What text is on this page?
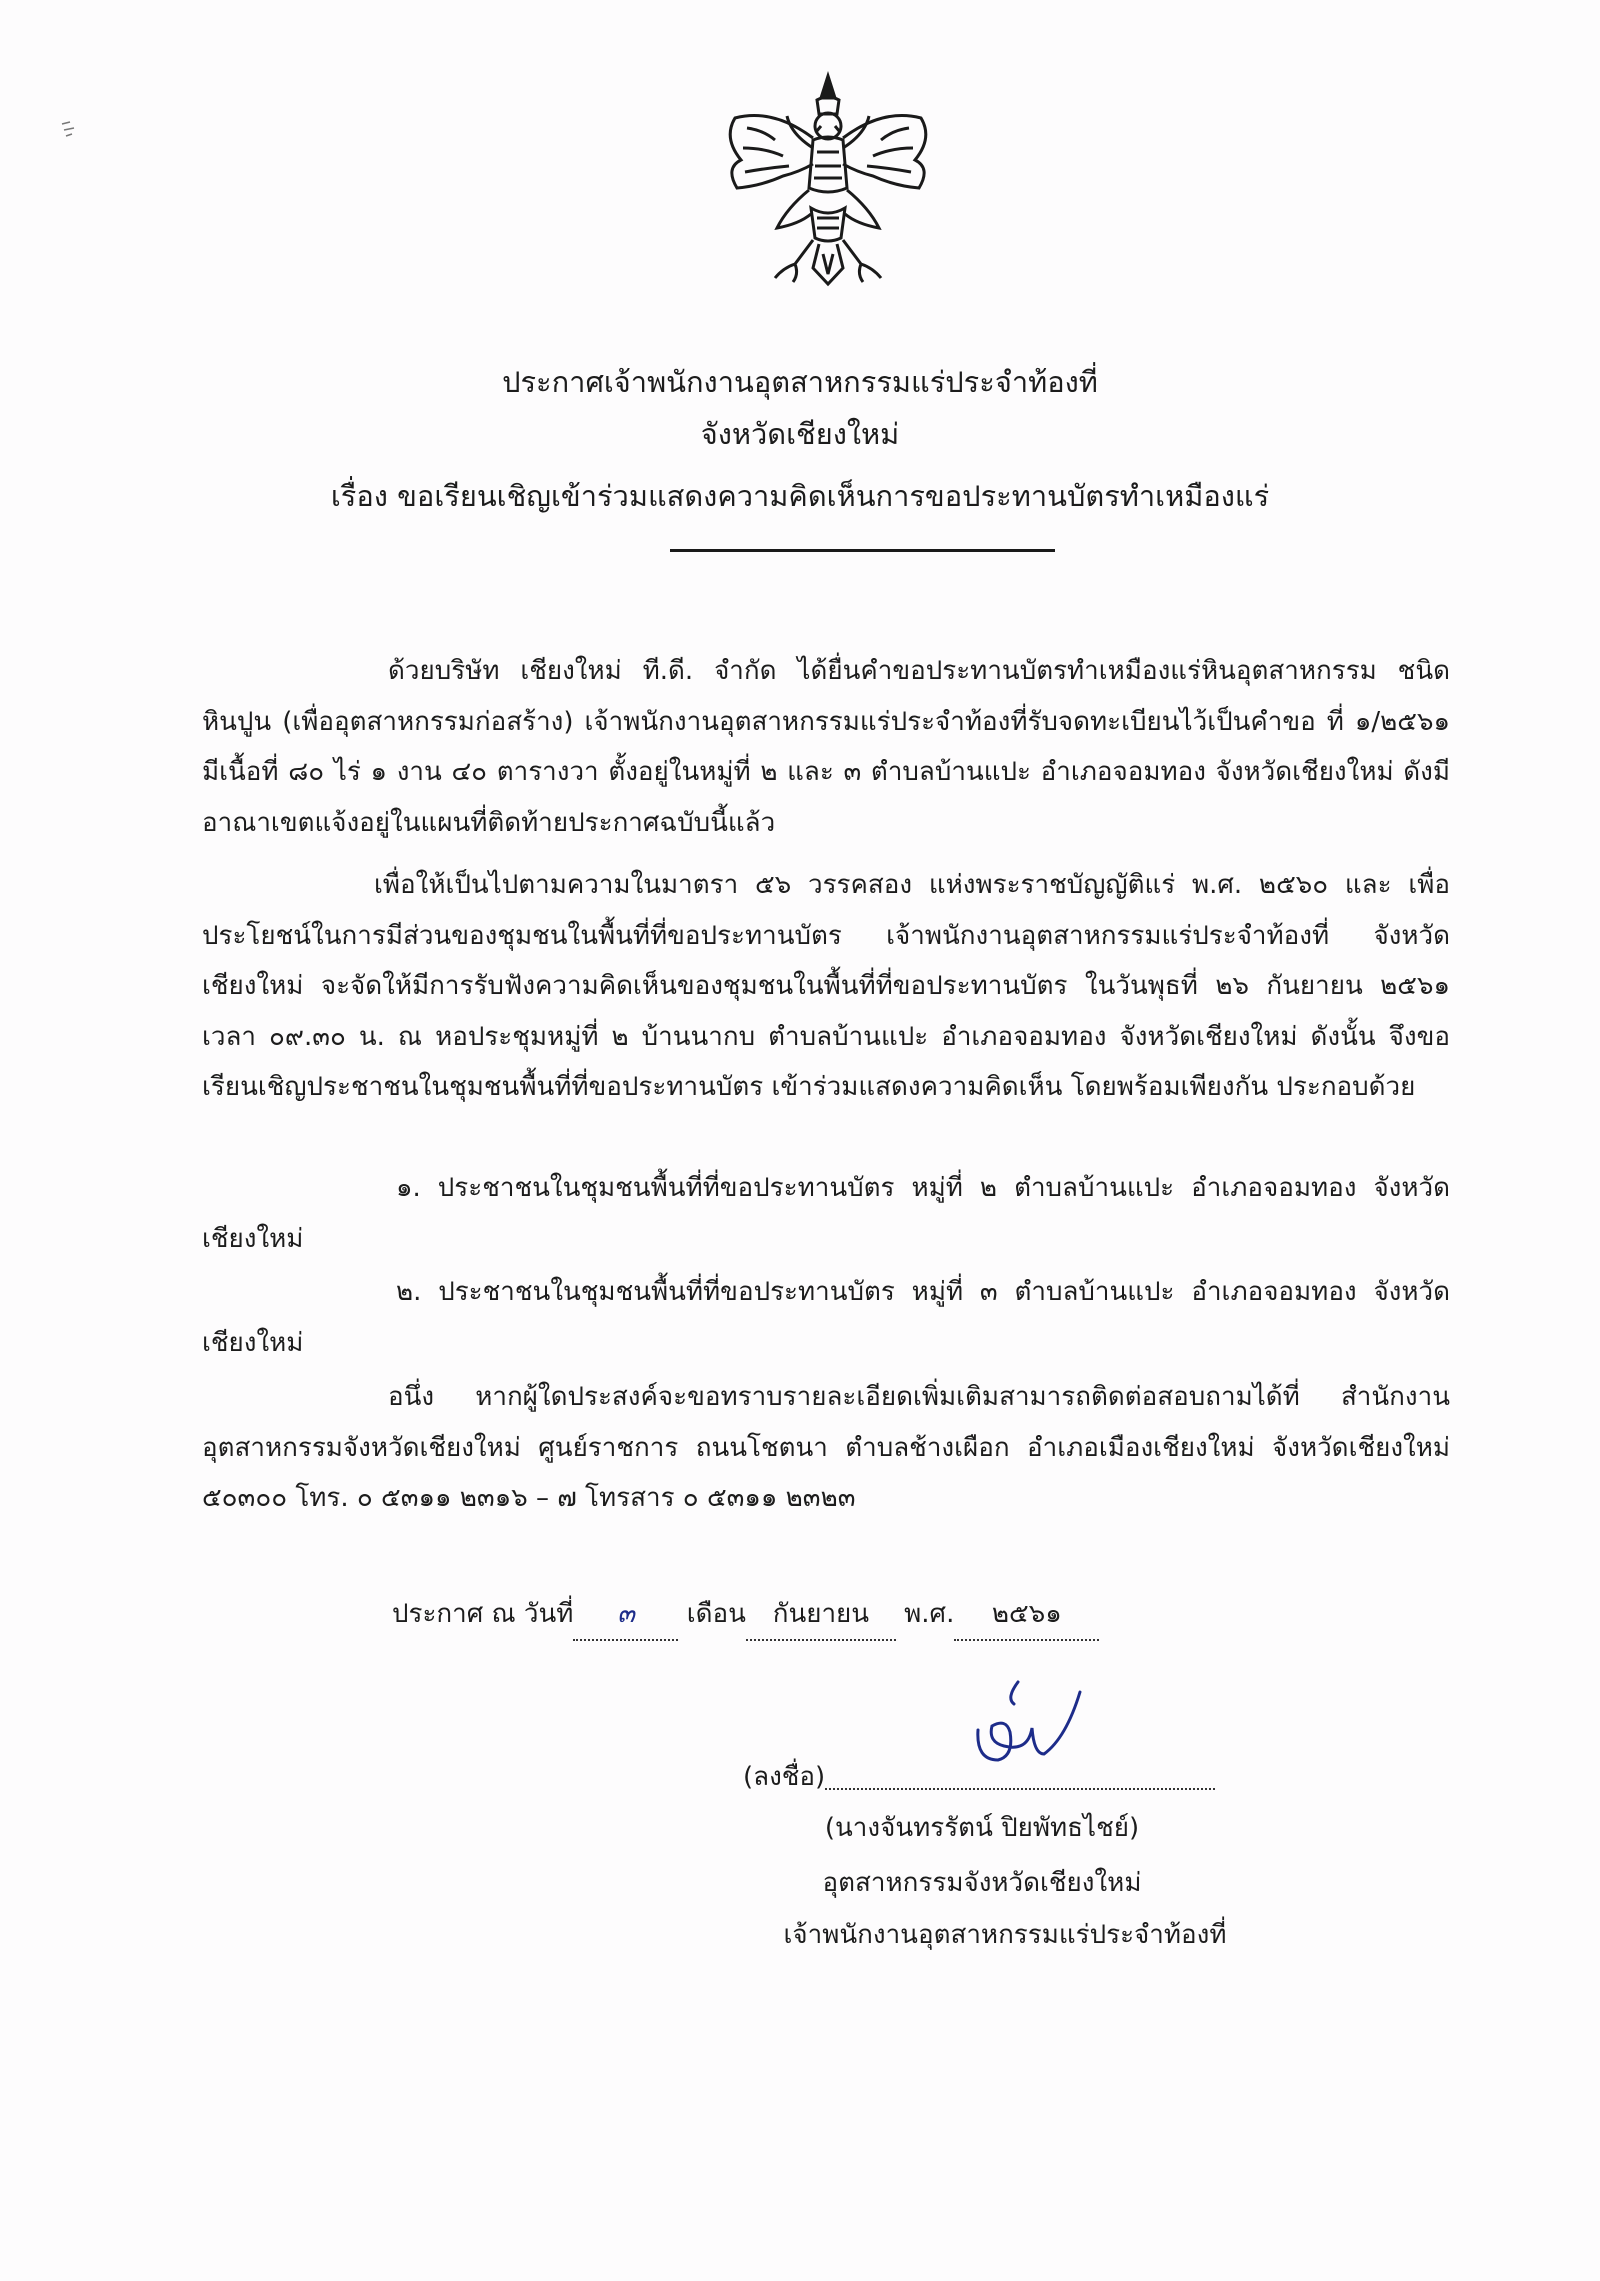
ประกาศเจ้าพนักงานอุตสาหกรรมแร่ประจำท้องที่
จังหวัดเชียงใหม่
เรื่อง ขอเรียนเชิญเข้าร่วมแสดงความคิดเห็นการขอประทานบัตรทำเหมืองแร่
ด้วยบริษัท เชียงใหม่ ที.ดี. จำกัด ได้ยื่นคำขอประทานบัตรทำเหมืองแร่หินอุตสาหกรรม ชนิดหินปูน (เพื่ออุตสาหกรรมก่อสร้าง) เจ้าพนักงานอุตสาหกรรมแร่ประจำท้องที่รับจดทะเบียนไว้เป็นคำขอ ที่ ๑/๒๕๖๑ มีเนื้อที่ ๘๐ ไร่ ๑ งาน ๔๐ ตารางวา ตั้งอยู่ในหมู่ที่ ๒ และ ๓ ตำบลบ้านแปะ อำเภอจอมทอง จังหวัดเชียงใหม่ ดังมีอาณาเขตแจ้งอยู่ในแผนที่ติดท้ายประกาศฉบับนี้แล้ว
เพื่อให้เป็นไปตามความในมาตรา ๕๖ วรรคสอง แห่งพระราชบัญญัติแร่ พ.ศ. ๒๕๖๐ และ เพื่อประโยชน์ในการมีส่วนของชุมชนในพื้นที่ที่ขอประทานบัตร เจ้าพนักงานอุตสาหกรรมแร่ประจำท้องที่ จังหวัดเชียงใหม่ จะจัดให้มีการรับฟังความคิดเห็นของชุมชนในพื้นที่ที่ขอประทานบัตร ในวันพุธที่ ๒๖ กันยายน ๒๕๖๑ เวลา ๐๙.๓๐ น. ณ หอประชุมหมู่ที่ ๒ บ้านนากบ ตำบลบ้านแปะ อำเภอจอมทอง จังหวัดเชียงใหม่ ดังนั้น จึงขอเรียนเชิญประชาชนในชุมชนพื้นที่ที่ขอประทานบัตร เข้าร่วมแสดงความคิดเห็น โดยพร้อมเพียงกัน ประกอบด้วย
๑. ประชาชนในชุมชนพื้นที่ที่ขอประทานบัตร หมู่ที่ ๒ ตำบลบ้านแปะ อำเภอจอมทอง จังหวัดเชียงใหม่
๒. ประชาชนในชุมชนพื้นที่ที่ขอประทานบัตร หมู่ที่ ๓ ตำบลบ้านแปะ อำเภอจอมทอง จังหวัดเชียงใหม่
อนึ่ง หากผู้ใดประสงค์จะขอทราบรายละเอียดเพิ่มเติมสามารถติดต่อสอบถามได้ที่ สำนักงาน อุตสาหกรรมจังหวัดเชียงใหม่ ศูนย์ราชการ ถนนโชตนา ตำบลช้างเผือก อำเภอเมืองเชียงใหม่ จังหวัดเชียงใหม่ ๕๐๓๐๐ โทร. ๐ ๕๓๑๑ ๒๓๑๖ – ๗ โทรสาร ๐ ๕๓๑๑ ๒๓๒๓
ประกาศ ณ วันที่ ๓ เดือน กันยายน พ.ศ. ๒๕๖๑
(ลงชื่อ)
(นางจันทรรัตน์ ปิยพัทธไชย์)
อุตสาหกรรมจังหวัดเชียงใหม่
เจ้าพนักงานอุตสาหกรรมแร่ประจำท้องที่
